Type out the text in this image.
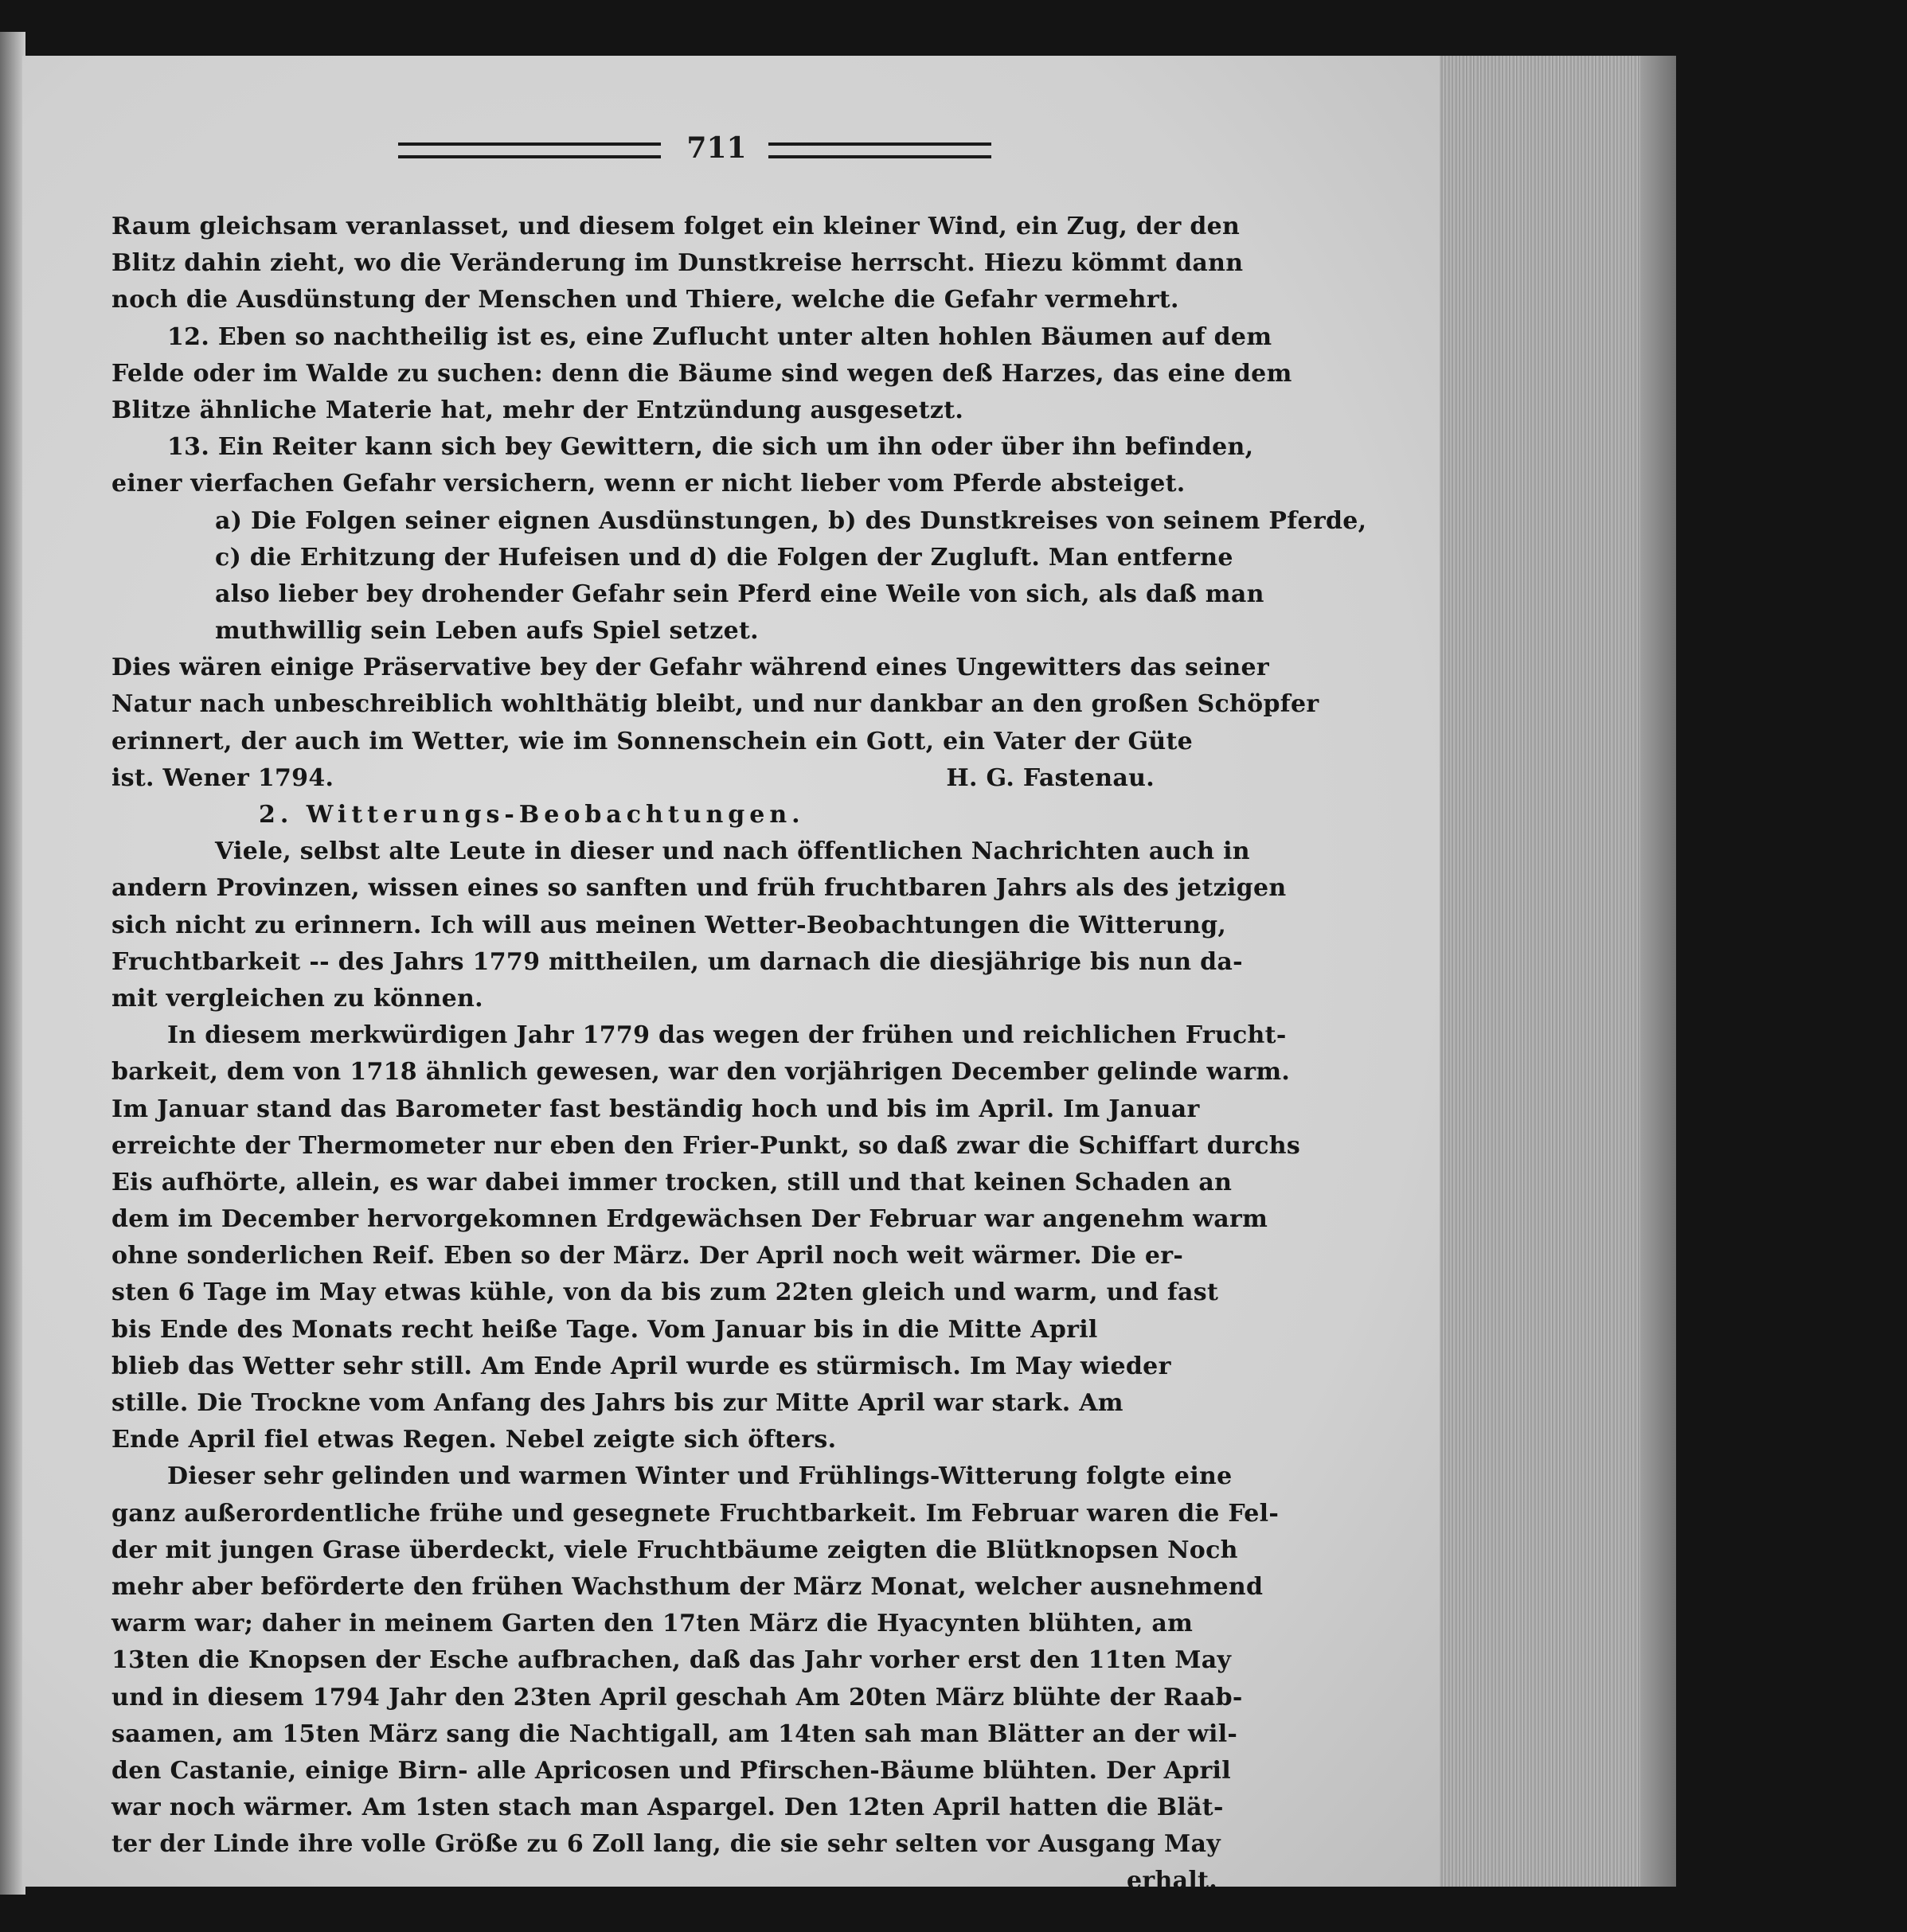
711
Raum gleichsam veranlasset, und diesem folget ein kleiner Wind, ein Zug, der den
Blitz dahin zieht, wo die Veränderung im Dunstkreise herrscht. Hiezu kömmt dann
noch die Ausdünstung der Menschen und Thiere, welche die Gefahr vermehrt.
12. Eben so nachtheilig ist es, eine Zuflucht unter alten hohlen Bäumen auf dem
Felde oder im Walde zu suchen: denn die Bäume sind wegen deß Harzes, das eine dem
Blitze ähnliche Materie hat, mehr der Entzündung ausgesetzt.
13. Ein Reiter kann sich bey Gewittern, die sich um ihn oder über ihn befinden,
einer vierfachen Gefahr versichern, wenn er nicht lieber vom Pferde absteiget.
a) Die Folgen seiner eignen Ausdünstungen, b) des Dunstkreises von seinem Pferde,
c) die Erhitzung der Hufeisen und d) die Folgen der Zugluft. Man entferne
also lieber bey drohender Gefahr sein Pferd eine Weile von sich, als daß man
muthwillig sein Leben aufs Spiel setzet.
Dies wären einige Präservative bey der Gefahr während eines Ungewitters das seiner
Natur nach unbeschreiblich wohlthätig bleibt, und nur dankbar an den großen Schöpfer
erinnert, der auch im Wetter, wie im Sonnenschein ein Gott, ein Vater der Güte
ist. Wener 1794.	H. G. Fastenau.
2. Witterungs-Beobachtungen.
Viele, selbst alte Leute in dieser und nach öffentlichen Nachrichten auch in
andern Provinzen, wissen eines so sanften und früh fruchtbaren Jahrs als des jetzigen
sich nicht zu erinnern. Ich will aus meinen Wetter-Beobachtungen die Witterung,
Fruchtbarkeit -- des Jahrs 1779 mittheilen, um darnach die diesjährige bis nun da-
mit vergleichen zu können.
In diesem merkwürdigen Jahr 1779 das wegen der frühen und reichlichen Frucht-
barkeit, dem von 1718 ähnlich gewesen, war den vorjährigen December gelinde warm.
Im Januar stand das Barometer fast beständig hoch und bis im April. Im Januar
erreichte der Thermometer nur eben den Frier-Punkt, so daß zwar die Schiffart durchs
Eis aufhörte, allein, es war dabei immer trocken, still und that keinen Schaden an
dem im December hervorgekomnen Erdgewächsen Der Februar war angenehm warm
ohne sonderlichen Reif. Eben so der März. Der April noch weit wärmer. Die er-
sten 6 Tage im May etwas kühle, von da bis zum 22ten gleich und warm, und fast
bis Ende des Monats recht heiße Tage. Vom Januar bis in die Mitte April
blieb das Wetter sehr still. Am Ende April wurde es stürmisch. Im May wieder
stille. Die Trockne vom Anfang des Jahrs bis zur Mitte April war stark. Am
Ende April fiel etwas Regen. Nebel zeigte sich öfters.
Dieser sehr gelinden und warmen Winter und Frühlings-Witterung folgte eine
ganz außerordentliche frühe und gesegnete Fruchtbarkeit. Im Februar waren die Fel-
der mit jungen Grase überdeckt, viele Fruchtbäume zeigten die Blütknopsen Noch
mehr aber beförderte den frühen Wachsthum der März Monat, welcher ausnehmend
warm war; daher in meinem Garten den 17ten März die Hyacynten blühten, am
13ten die Knopsen der Esche aufbrachen, daß das Jahr vorher erst den 11ten May
und in diesem 1794 Jahr den 23ten April geschah Am 20ten März blühte der Raab-
saamen, am 15ten März sang die Nachtigall, am 14ten sah man Blätter an der wil-
den Castanie, einige Birn- alle Apricosen und Pfirschen-Bäume blühten. Der April
war noch wärmer. Am 1sten stach man Aspargel. Den 12ten April hatten die Blät-
ter der Linde ihre volle Größe zu 6 Zoll lang, die sie sehr selten vor Ausgang May
erhalt.
